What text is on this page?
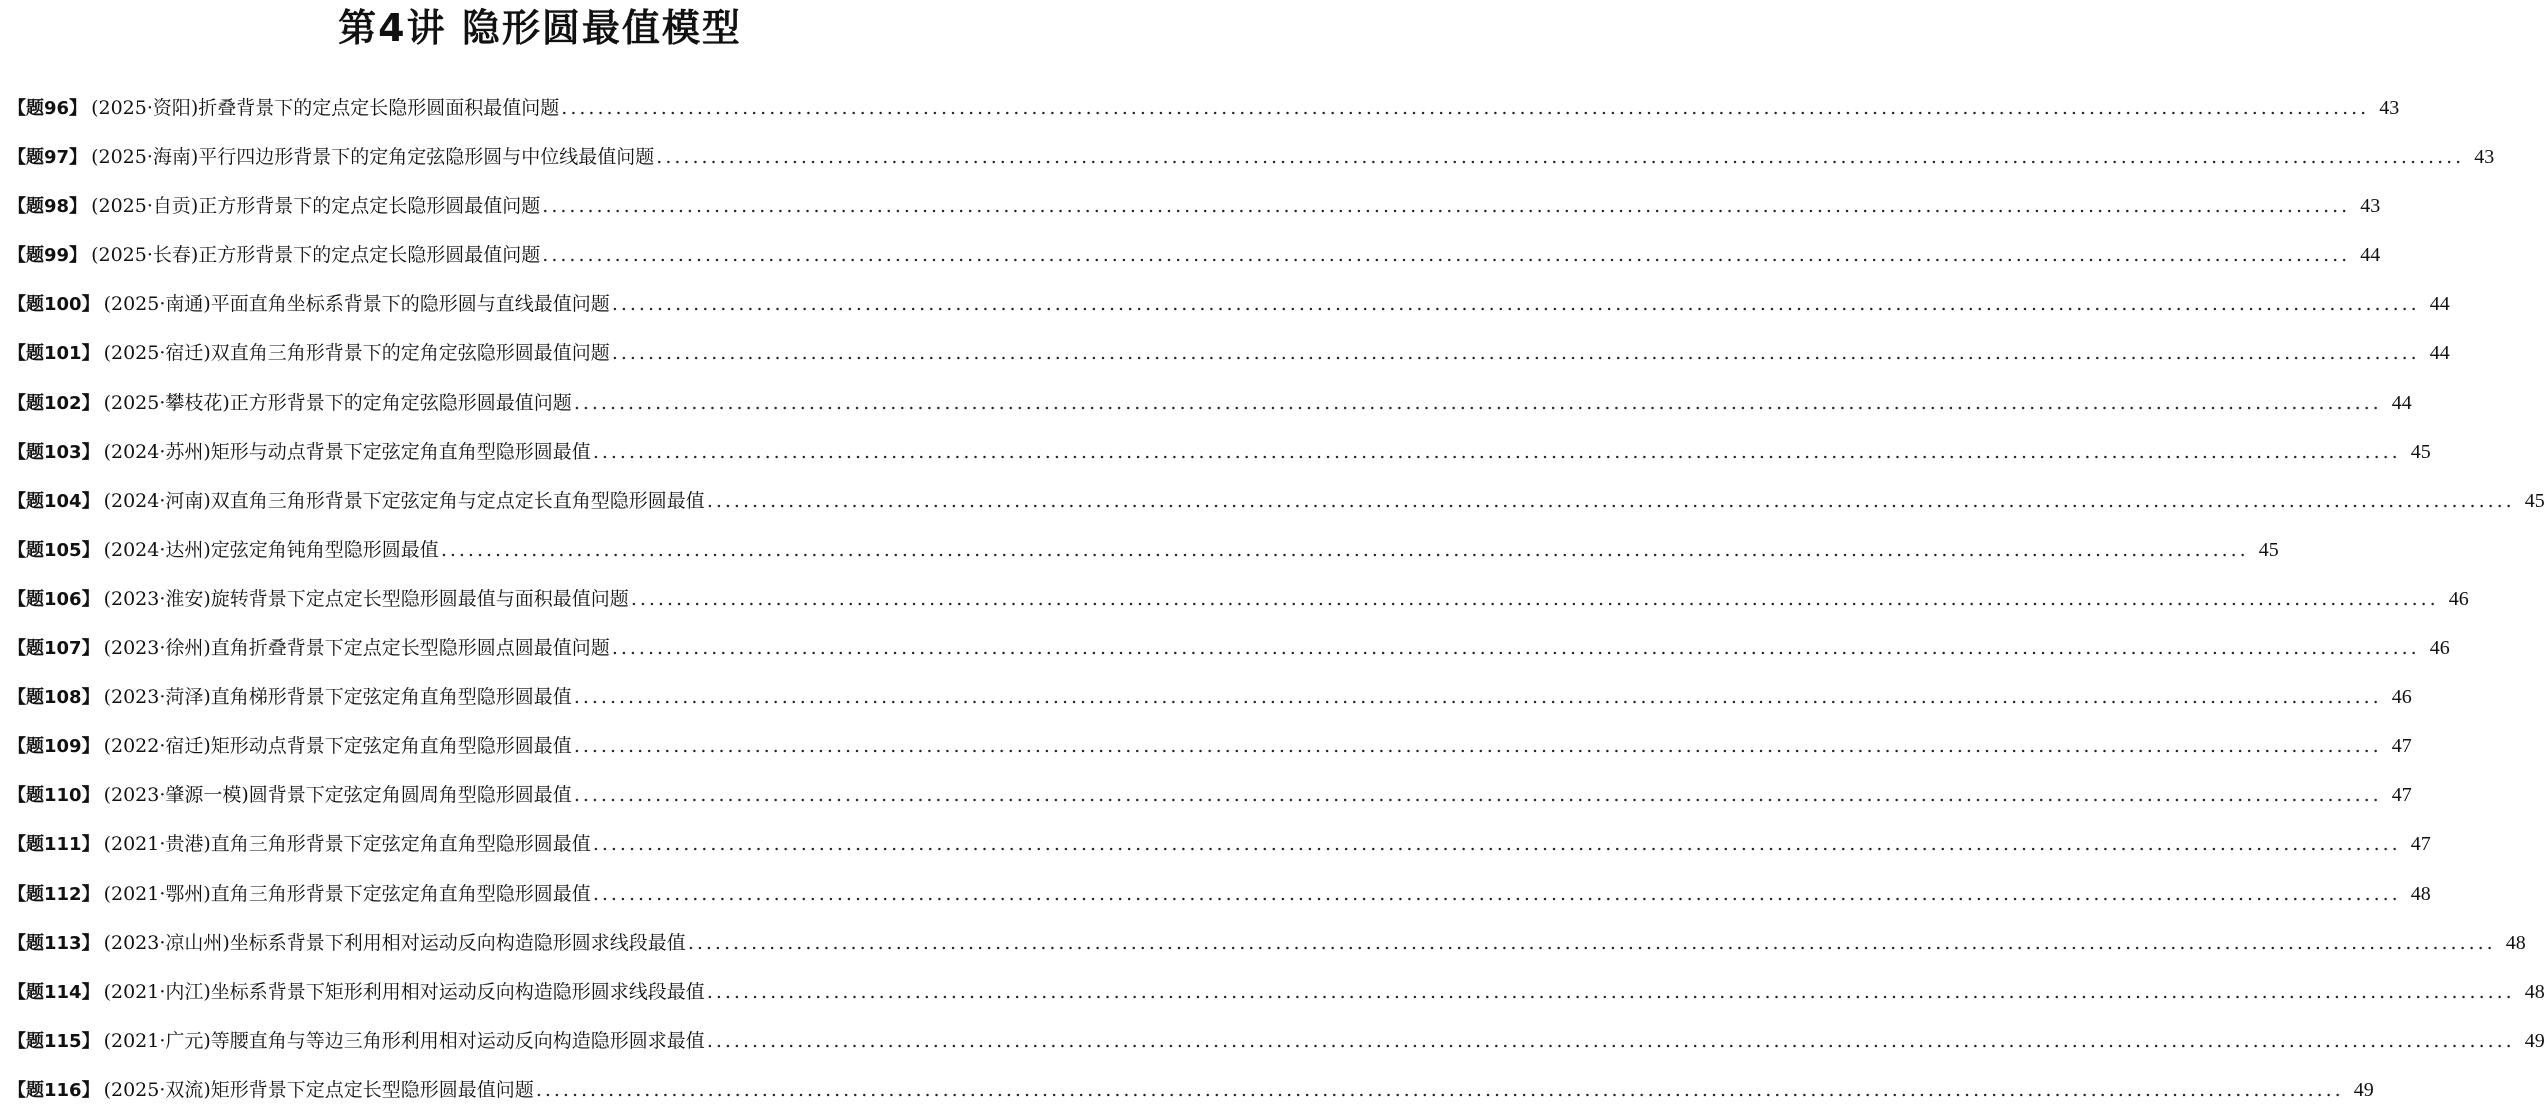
第4讲 隐形圆最值模型
【题96】 (2025·资阳)折叠背景下的定点定长隐形圆面积最值问题 .....	43
【题97】 (2025·海南)平行四边形背景下的定角定弦隐形圆与中位线最值问题 .....	43
【题98】 (2025·自贡)正方形背景下的定点定长隐形圆最值问题 .....	43
【题99】 (2025·长春)正方形背景下的定点定长隐形圆最值问题 .....	44
【题100】 (2025·南通)平面直角坐标系背景下的隐形圆与直线最值问题 .....	44
【题101】 (2025·宿迁)双直角三角形背景下的定角定弦隐形圆最值问题 .....	44
【题102】 (2025·攀枝花)正方形背景下的定角定弦隐形圆最值问题 .....	44
【题103】 (2024·苏州)矩形与动点背景下定弦定角直角型隐形圆最值 .....	45
【题104】 (2024·河南)双直角三角形背景下定弦定角与定点定长直角型隐形圆最值 .....	45
【题105】 (2024·达州)定弦定角钝角型隐形圆最值 .....	45
【题106】 (2023·淮安)旋转背景下定点定长型隐形圆最值与面积最值问题 .....	46
【题107】 (2023·徐州)直角折叠背景下定点定长型隐形圆点圆最值问题 .....	46
【题108】 (2023·菏泽)直角梯形背景下定弦定角直角型隐形圆最值 .....	46
【题109】 (2022·宿迁)矩形动点背景下定弦定角直角型隐形圆最值 .....	47
【题110】 (2023·肇源一模)圆背景下定弦定角圆周角型隐形圆最值 .....	47
【题111】 (2021·贵港)直角三角形背景下定弦定角直角型隐形圆最值 .....	47
【题112】 (2021·鄂州)直角三角形背景下定弦定角直角型隐形圆最值 .....	48
【题113】 (2023·凉山州)坐标系背景下利用相对运动反向构造隐形圆求线段最值 .....	48
【题114】 (2021·内江)坐标系背景下矩形利用相对运动反向构造隐形圆求线段最值 .....	48
【题115】 (2021·广元)等腰直角与等边三角形利用相对运动反向构造隐形圆求最值 .....	49
【题116】 (2025·双流)矩形背景下定点定长型隐形圆最值问题 .....	49
